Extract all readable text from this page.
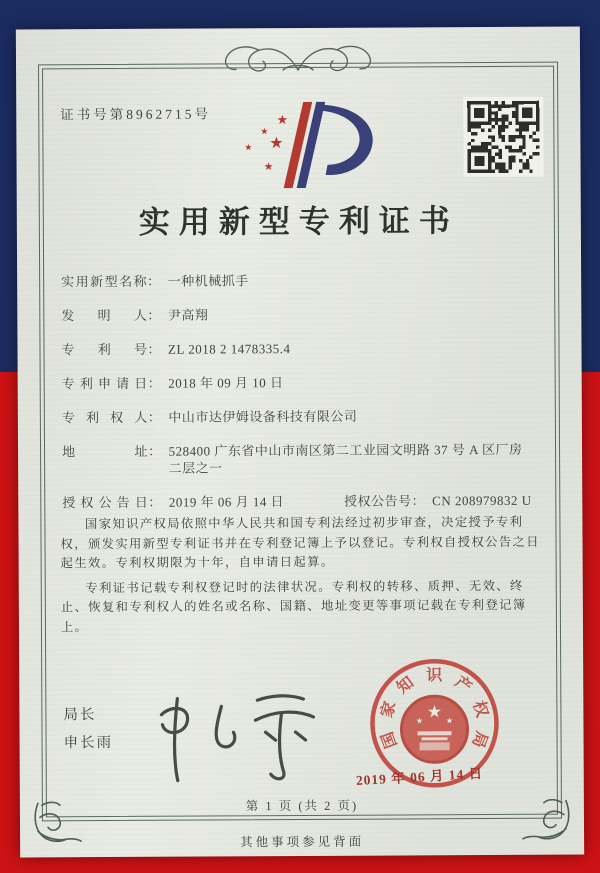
证书号第8962715号	★
★
★ ★
★
实用新型专利证书
实用新型名称 ： 一种机械抓手
发明人 ： 尹高翔
专利号 ： ZL 2018 2 1478335.4
专利申请日 ： 2018 年 09 月 10 日
专利权人 ： 中山市达伊姆设备科技有限公司
地址 ： 528400 广东省中山市南区第二工业园文明路 37 号 A 区厂房
二层之一
授权公告日 ： 2019 年 06 月 14 日	授权公告号 ： CN 208979832 U

国家知识产权局依照中华人民共和国专利法经过初步审查，决定授予专利权，颁发实用新型专利证书并在专利登记簿上予以登记。专利权自授权公告之日起生效。专利权期限为十年，自申请日起算。

专利证书记载专利权登记时的法律状况。专利权的转移、质押、无效、终止、恢复和专利权人的姓名或名称、国籍、地址变更等事项记载在专利登记簿上。

局长
申长雨	国
家
知 识 产
权
局
★
★	★
2019 年 06 月 14 日
第 1 页 (共 2 页)
其他事项参见背面
